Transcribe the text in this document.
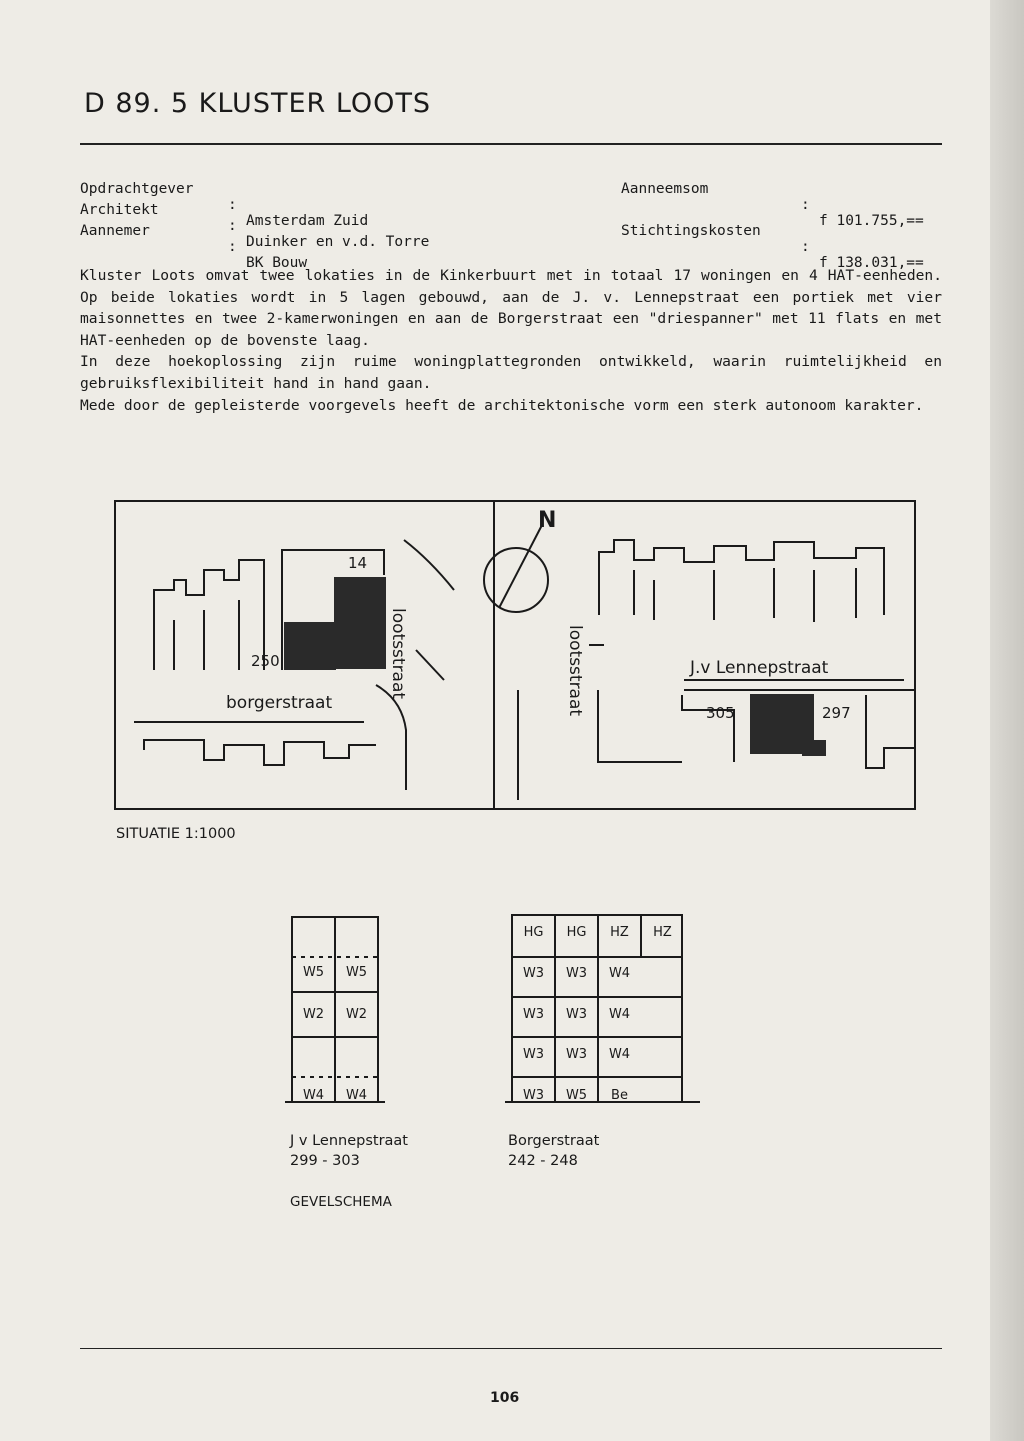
D 89. 5 KLUSTER LOOTS

Opdrachtgever

:

Amsterdam Zuid

Architekt

:

Duinker en v.d. Torre

Aannemer

:

BK Bouw

Aanneemsom

:

f 101.755,==

Stichtingskosten

:

f 138.031,==

Kluster Loots omvat twee lokaties in de Kinkerbuurt met in totaal 17 woningen en 4 HAT-eenheden. Op beide lokaties wordt in 5 lagen gebouwd, aan de J. v. Lennepstraat een portiek met vier maisonnettes en twee 2-kamerwoningen en aan de Borgerstraat een "driespanner" met 11 flats en met HAT-eenheden op de bovenste laag.

In deze hoekoplossing zijn ruime woningplattegronden ontwikkeld, waarin ruimtelijkheid en gebruiksflexibiliteit hand in hand gaan.

Mede door de gepleisterde voorgevels heeft de architektonische vorm een sterk autonoom karakter.

14
250
borgerstraat
lootsstraat	lootsstraat	J.v Lennepstraat
N
305	297
SITUATIE 1:1000
W5	W5
W2	W2
W4	W4
HG	HG	HZ	HZ
W3	W3	W4
W3	W3	W4
W3	W3	W4
W3	W5	Be
J v Lennepstraat
299 - 303
Borgerstraat
242 - 248
GEVELSCHEMA
106
